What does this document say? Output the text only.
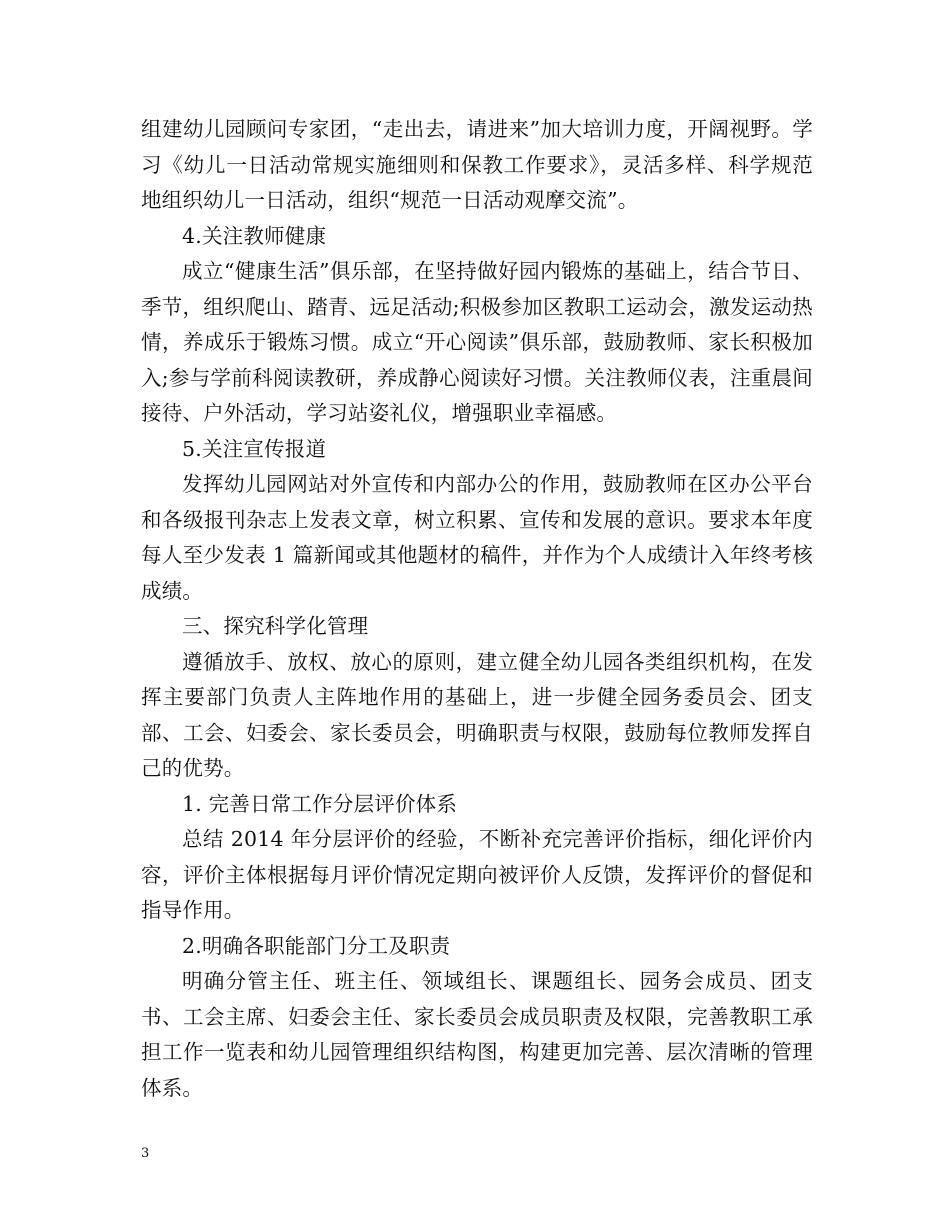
组建幼儿园顾问专家团，“走出去，请进来”加大培训力度，开阔视野。学习《幼儿一日活动常规实施细则和保教工作要求》，灵活多样、科学规范地组织幼儿一日活动，组织“规范一日活动观摩交流”。

4.关注教师健康

成立“健康生活”俱乐部，在坚持做好园内锻炼的基础上，结合节日、季节，组织爬山、踏青、远足活动;积极参加区教职工运动会，激发运动热情，养成乐于锻炼习惯。成立“开心阅读”俱乐部，鼓励教师、家长积极加入;参与学前科阅读教研，养成静心阅读好习惯。关注教师仪表，注重晨间接待、户外活动，学习站姿礼仪，增强职业幸福感。

5.关注宣传报道

发挥幼儿园网站对外宣传和内部办公的作用，鼓励教师在区办公平台和各级报刊杂志上发表文章，树立积累、宣传和发展的意识。要求本年度每人至少发表 1 篇新闻或其他题材的稿件，并作为个人成绩计入年终考核成绩。

三、探究科学化管理

遵循放手、放权、放心的原则，建立健全幼儿园各类组织机构，在发挥主要部门负责人主阵地作用的基础上，进一步健全园务委员会、团支部、工会、妇委会、家长委员会，明确职责与权限，鼓励每位教师发挥自己的优势。

1. 完善日常工作分层评价体系

总结 2014 年分层评价的经验，不断补充完善评价指标，细化评价内容，评价主体根据每月评价情况定期向被评价人反馈，发挥评价的督促和指导作用。

2.明确各职能部门分工及职责

明确分管主任、班主任、领域组长、课题组长、园务会成员、团支书、工会主席、妇委会主任、家长委员会成员职责及权限，完善教职工承担工作一览表和幼儿园管理组织结构图，构建更加完善、层次清晰的管理体系。

3
